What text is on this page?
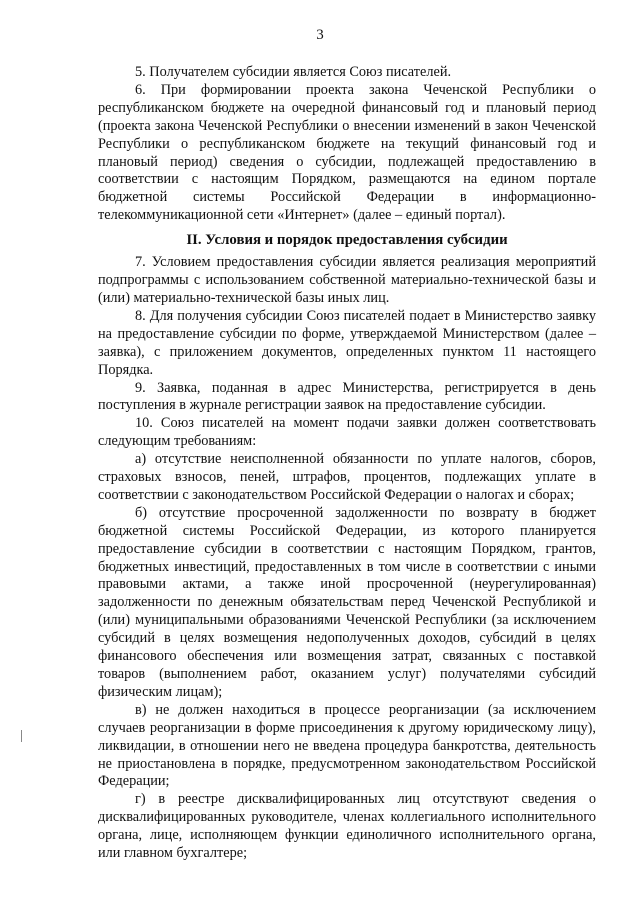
3

5. Получателем субсидии является Союз писателей.

6. При формировании проекта закона Чеченской Республики о республиканском бюджете на очередной финансовый год и плановый период (проекта закона Чеченской Республики о внесении изменений в закон Чеченской Республики о республиканском бюджете на текущий финансовый год и плановый период) сведения о субсидии, подлежащей предоставлению в соответствии с настоящим Порядком, размещаются на едином портале бюджетной системы Российской Федерации в информационно-телекоммуникационной сети «Интернет» (далее – единый портал).

II. Условия и порядок предоставления субсидии

7. Условием предоставления субсидии является реализация мероприятий подпрограммы с использованием собственной материально-технической базы и (или) материально-технической базы иных лиц.

8. Для получения субсидии Союз писателей подает в Министерство заявку на предоставление субсидии по форме, утверждаемой Министерством (далее – заявка), с приложением документов, определенных пунктом 11 настоящего Порядка.

9. Заявка, поданная в адрес Министерства, регистрируется в день поступления в журнале регистрации заявок на предоставление субсидии.

10. Союз писателей на момент подачи заявки должен соответствовать следующим требованиям:

а) отсутствие неисполненной обязанности по уплате налогов, сборов, страховых взносов, пеней, штрафов, процентов, подлежащих уплате в соответствии с законодательством Российской Федерации о налогах и сборах;

б) отсутствие просроченной задолженности по возврату в бюджет бюджетной системы Российской Федерации, из которого планируется предоставление субсидии в соответствии с настоящим Порядком, грантов, бюджетных инвестиций, предоставленных в том числе в соответствии с иными правовыми актами, а также иной просроченной (неурегулированная) задолженности по денежным обязательствам перед Чеченской Республикой и (или) муниципальными образованиями Чеченской Республики (за исключением субсидий в целях возмещения недополученных доходов, субсидий в целях финансового обеспечения или возмещения затрат, связанных с поставкой товаров (выполнением работ, оказанием услуг) получателями субсидий физическим лицам);

в) не должен находиться в процессе реорганизации (за исключением случаев реорганизации в форме присоединения к другому юридическому лицу), ликвидации, в отношении него не введена процедура банкротства, деятельность не приостановлена в порядке, предусмотренном законодательством Российской Федерации;

г) в реестре дисквалифицированных лиц отсутствуют сведения о дисквалифицированных руководителе, членах коллегиального исполнительного органа, лице, исполняющем функции единоличного исполнительного органа, или главном бухгалтере;
